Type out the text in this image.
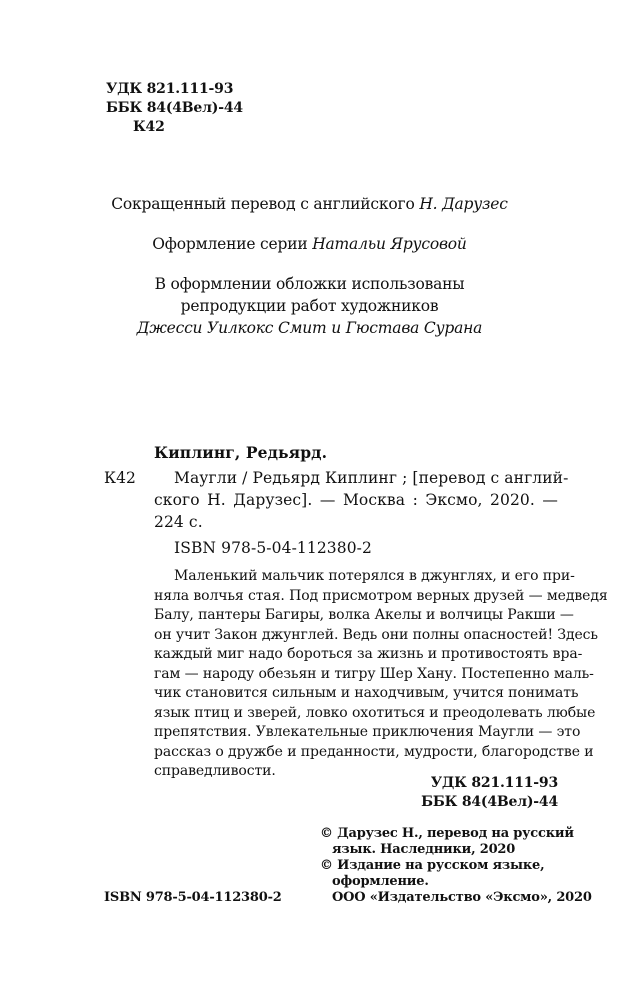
УДК 821.111-93
ББК 84(4Вел)-44
К42
Сокращенный перевод с английского Н. Дарузес
Оформление серии Натальи Ярусовой
В оформлении обложки использованы
репродукции работ художников
Джесси Уилкокс Смит и Гюстава Сурана
Киплинг, Редьярд.
К42	Маугли / Редьярд Киплинг ; [перевод с англий-
ского Н. Дарузес]. — Москва : Эксмо, 2020. —
224 с.
ISBN 978-5-04-112380-2
Маленький мальчик потерялся в джунглях, и его при-
няла волчья стая. Под присмотром верных друзей — медведя
Балу, пантеры Багиры, волка Акелы и волчицы Ракши —
он учит Закон джунглей. Ведь они полны опасностей! Здесь
каждый миг надо бороться за жизнь и противостоять вра-
гам — народу обезьян и тигру Шер Хану. Постепенно маль-
чик становится сильным и находчивым, учится понимать
язык птиц и зверей, ловко охотиться и преодолевать любые
препятствия. Увлекательные приключения Маугли — это
рассказ о дружбе и преданности, мудрости, благородстве и
справедливости.
УДК 821.111-93
ББК 84(4Вел)-44
© Дарузес Н., перевод на русский
язык. Наследники, 2020
© Издание на русском языке,
оформление.
ООО «Издательство «Эксмо», 2020
ISBN 978-5-04-112380-2
